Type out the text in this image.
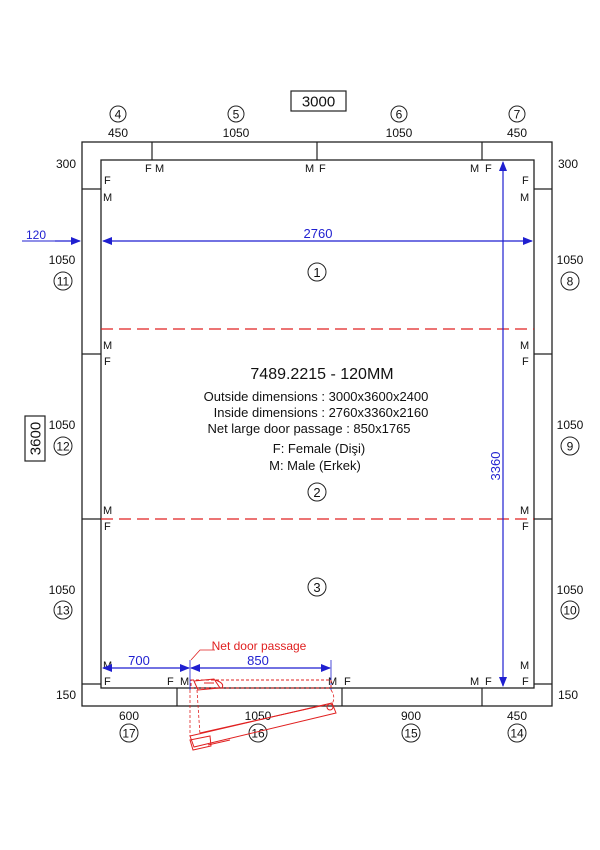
3000
3600
120	2760
3360
1
2
3
7489.2215 - 120MM
Outside dimensions : 3000x3600x2400
Inside dimensions : 2760x3360x2160
Net large door passage : 850x1765
F: Female (Dişi)
M: Male (Erkek)
4
450
5
1050
6
1050
7
450
300	300
150	150
1050
11
1050
12
1050
13
1050
8
1050
9
1050
10
600
17
1050
16
900
15
450
14
F M	M F	M F
F
M
M
F
M
F
M
F
F
M
M
F
M
F
M
F
F M	M F	M F
700	850
Net door passage
